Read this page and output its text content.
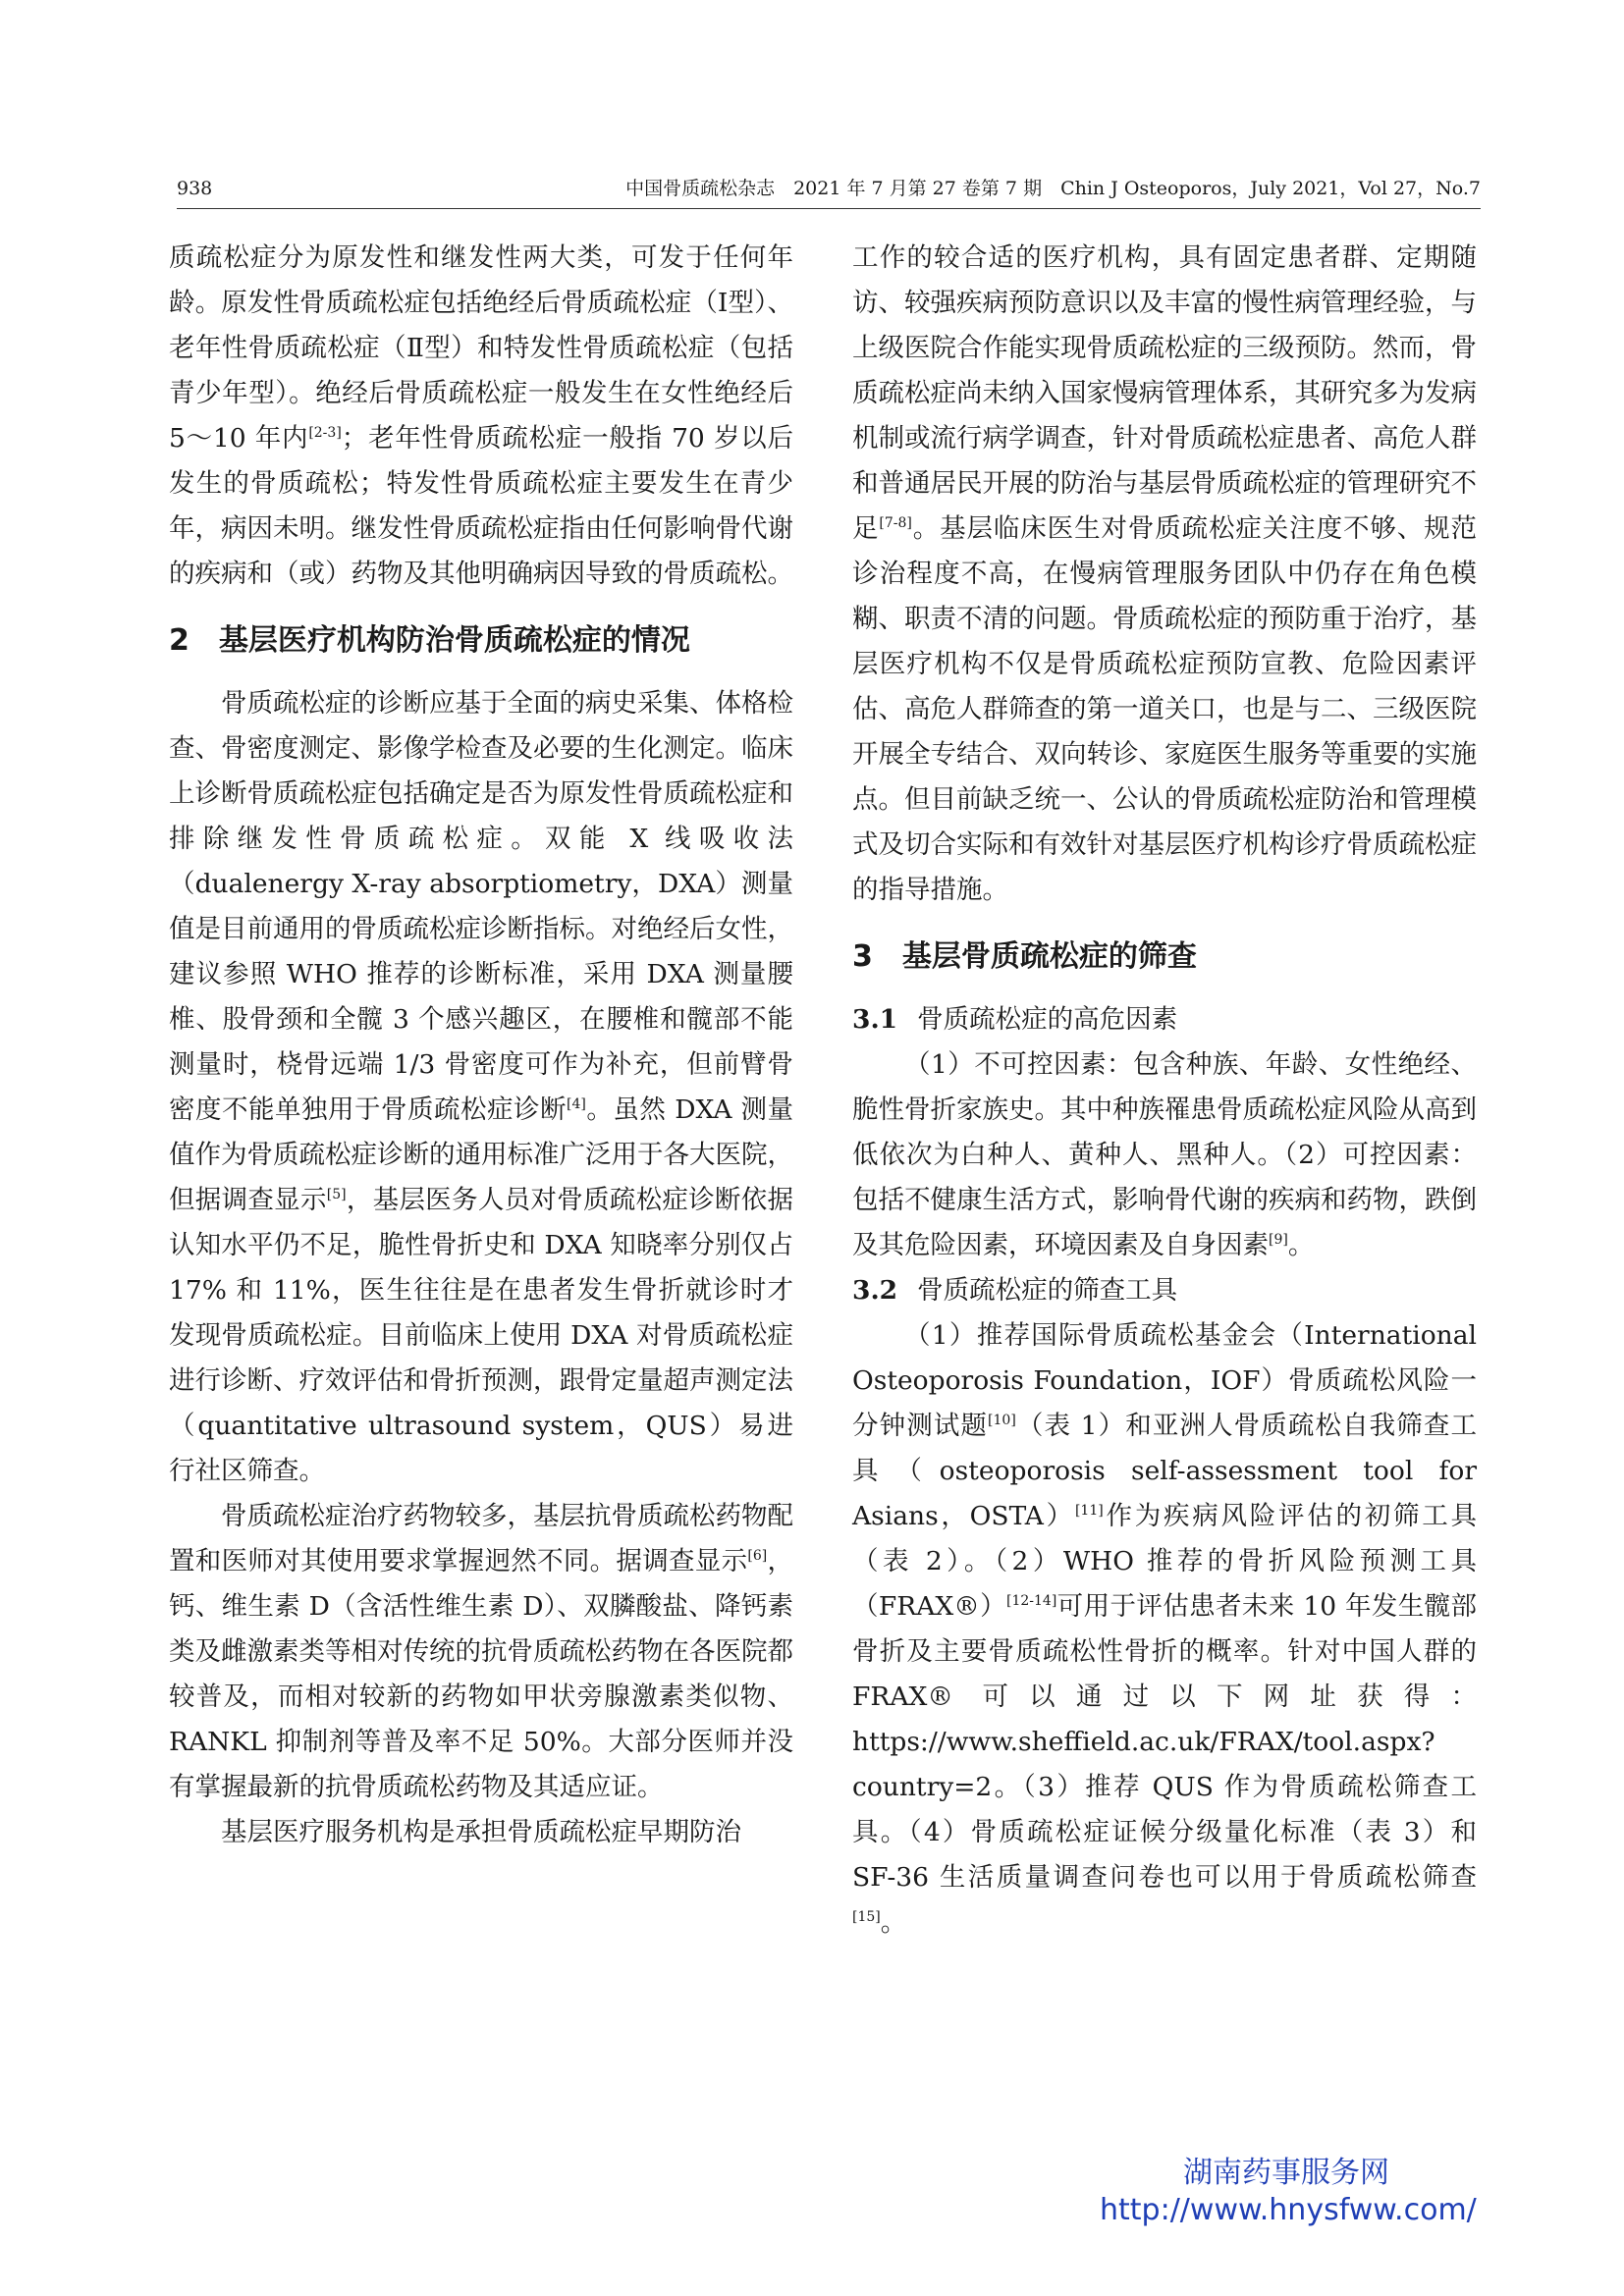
938	中国骨质疏松杂志　2021 年 7 月第 27 卷第 7 期　Chin J Osteoporos，July 2021，Vol 27，No.7

质疏松症分为原发性和继发性两大类，可发于任何年龄。原发性骨质疏松症包括绝经后骨质疏松症（Ⅰ型）、老年性骨质疏松症（Ⅱ型）和特发性骨质疏松症（包括青少年型）。绝经后骨质疏松症一般发生在女性绝经后 5～10 年内[2-3]；老年性骨质疏松症一般指 70 岁以后发生的骨质疏松；特发性骨质疏松症主要发生在青少年，病因未明。继发性骨质疏松症指由任何影响骨代谢的疾病和（或）药物及其他明确病因导致的骨质疏松。

2　基层医疗机构防治骨质疏松症的情况

骨质疏松症的诊断应基于全面的病史采集、体格检查、骨密度测定、影像学检查及必要的生化测定。临床上诊断骨质疏松症包括确定是否为原发性骨质疏松症和排除继发性骨质疏松症。双能 X 线吸收法（dualenergy X-ray absorptiometry，DXA）测量值是目前通用的骨质疏松症诊断指标。对绝经后女性，建议参照 WHO 推荐的诊断标准，采用 DXA 测量腰椎、股骨颈和全髋 3 个感兴趣区，在腰椎和髋部不能测量时，桡骨远端 1/3 骨密度可作为补充，但前臂骨密度不能单独用于骨质疏松症诊断[4]。虽然 DXA 测量值作为骨质疏松症诊断的通用标准广泛用于各大医院，但据调查显示[5]，基层医务人员对骨质疏松症诊断依据认知水平仍不足，脆性骨折史和 DXA 知晓率分别仅占 17% 和 11%，医生往往是在患者发生骨折就诊时才发现骨质疏松症。目前临床上使用 DXA 对骨质疏松症进行诊断、疗效评估和骨折预测，跟骨定量超声测定法（quantitative ultrasound system，QUS）易进行社区筛查。

骨质疏松症治疗药物较多，基层抗骨质疏松药物配置和医师对其使用要求掌握迥然不同。据调查显示[6]，钙、维生素 D（含活性维生素 D）、双膦酸盐、降钙素类及雌激素类等相对传统的抗骨质疏松药物在各医院都较普及，而相对较新的药物如甲状旁腺激素类似物、RANKL 抑制剂等普及率不足 50%。大部分医师并没有掌握最新的抗骨质疏松药物及其适应证。

基层医疗服务机构是承担骨质疏松症早期防治

工作的较合适的医疗机构，具有固定患者群、定期随访、较强疾病预防意识以及丰富的慢性病管理经验，与上级医院合作能实现骨质疏松症的三级预防。然而，骨质疏松症尚未纳入国家慢病管理体系，其研究多为发病机制或流行病学调查，针对骨质疏松症患者、高危人群和普通居民开展的防治与基层骨质疏松症的管理研究不足[7-8]。基层临床医生对骨质疏松症关注度不够、规范诊治程度不高，在慢病管理服务团队中仍存在角色模糊、职责不清的问题。骨质疏松症的预防重于治疗，基层医疗机构不仅是骨质疏松症预防宣教、危险因素评估、高危人群筛查的第一道关口，也是与二、三级医院开展全专结合、双向转诊、家庭医生服务等重要的实施点。但目前缺乏统一、公认的骨质疏松症防治和管理模式及切合实际和有效针对基层医疗机构诊疗骨质疏松症的指导措施。

3　基层骨质疏松症的筛查
3.1 骨质疏松症的高危因素

（1）不可控因素：包含种族、年龄、女性绝经、脆性骨折家族史。其中种族罹患骨质疏松症风险从高到低依次为白种人、黄种人、黑种人。（2）可控因素：包括不健康生活方式，影响骨代谢的疾病和药物，跌倒及其危险因素，环境因素及自身因素[9]。

3.2 骨质疏松症的筛查工具

（1）推荐国际骨质疏松基金会（International Osteoporosis Foundation，IOF）骨质疏松风险一分钟测试题[10]（表 1）和亚洲人骨质疏松自我筛查工具（osteoporosis self-assessment tool for Asians，OSTA）[11]作为疾病风险评估的初筛工具（表 2）。（2）WHO 推荐的骨折风险预测工具（FRAX®）[12-14]可用于评估患者未来 10 年发生髋部骨折及主要骨质疏松性骨折的概率。针对中国人群的 FRAX® 可以通过以下网址获得：https://www.sheffield.ac.uk/FRAX/tool.aspx? country=2。（3）推荐 QUS 作为骨质疏松筛查工具。（4）骨质疏松症证候分级量化标准（表 3）和 SF-36 生活质量调查问卷也可以用于骨质疏松筛查[15]。

湖南药事服务网
http://www.hnysfww.com/
